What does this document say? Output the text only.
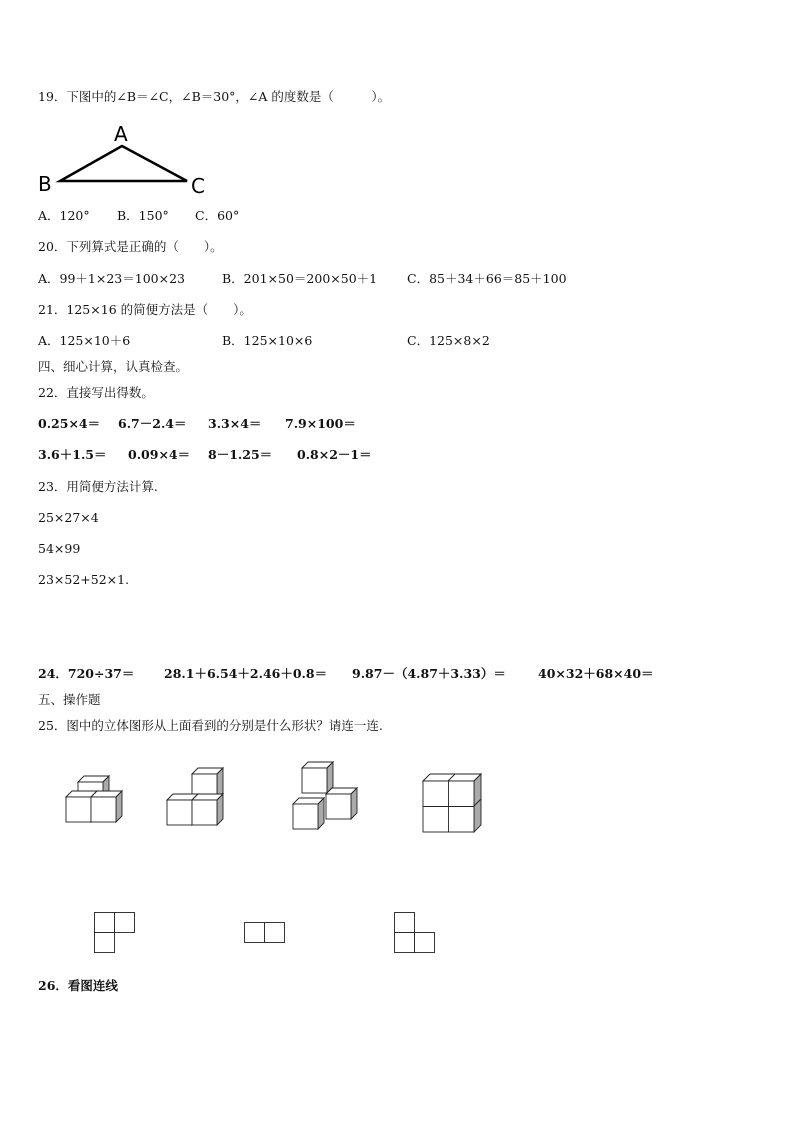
19．下图中的∠B＝∠C，∠B＝30°，∠A 的度数是（　　　）。
A
B	C
A．120° B．150° C．60°
20．下列算式是正确的（　　）。
A．99＋1×23＝100×23	B．201×50＝200×50＋1 C．85＋34＋66＝85＋100
21．125×16 的简便方法是（　　）。
A．125×10＋6	B．125×10×6	C．125×8×2
四、细心计算，认真检查。
22．直接写出得数。
0.25×4＝ 6.7－2.4＝ 3.3×4＝ 7.9×100＝
3.6＋1.5＝ 0.09×4＝ 8－1.25＝ 0.8×2－1＝
23．用简便方法计算.
25×27×4
54×99
23×52+52×1.
24．720÷37＝ 28.1＋6.54＋2.46＋0.8＝ 9.87－（4.87＋3.33）＝	40×32＋68×40＝
五、操作题
25．图中的立体图形从上面看到的分别是什么形状？请连一连.
26．看图连线
